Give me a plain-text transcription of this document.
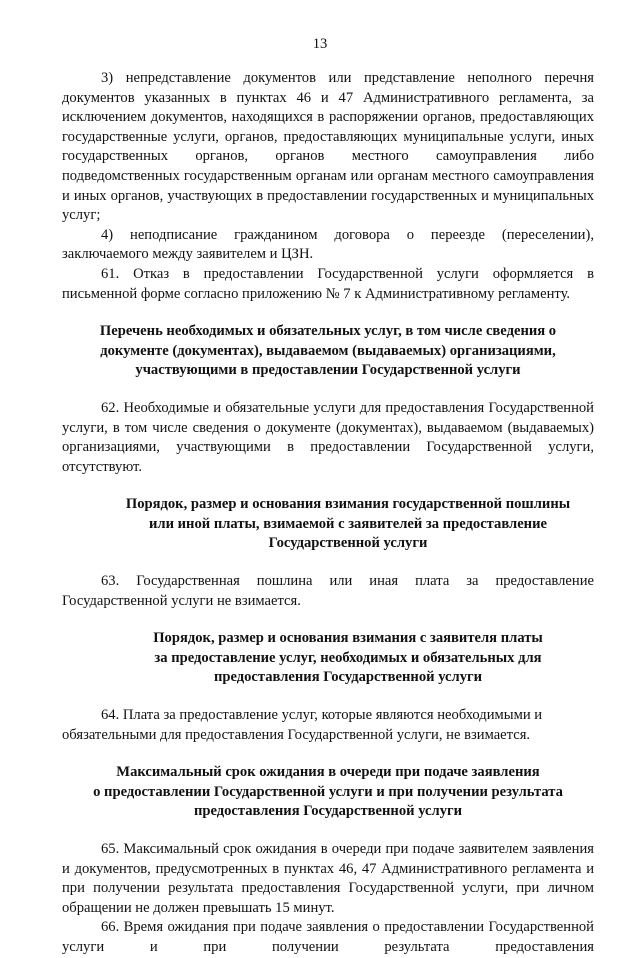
13

3) непредставление документов или представление неполного перечня документов указанных в пунктах 46 и 47 Административного регламента, за исключением документов, находящихся в распоряжении органов, предоставляющих государственные услуги, органов, предоставляющих муниципальные услуги, иных государственных органов, органов местного самоуправления либо подведомственных государственным органам или органам местного самоуправления и иных органов, участвующих в предоставлении государственных и муниципальных услуг;

4) неподписание гражданином договора о переезде (переселении), заключаемого между заявителем и ЦЗН.

61. Отказ в предоставлении Государственной услуги оформляется в письменной форме согласно приложению № 7 к Административному регламенту.

Перечень необходимых и обязательных услуг, в том числе сведения о
документе (документах), выдаваемом (выдаваемых) организациями,
участвующими в предоставлении Государственной услуги

62. Необходимые и обязательные услуги для предоставления Государственной услуги, в том числе сведения о документе (документах), выдаваемом (выдаваемых) организациями, участвующими в предоставлении Государственной услуги, отсутствуют.

Порядок, размер и основания взимания государственной пошлины
или иной платы, взимаемой с заявителей за предоставление
Государственной услуги

63. Государственная пошлина или иная плата за предоставление Государственной услуги не взимается.

Порядок, размер и основания взимания с заявителя платы
за предоставление услуг, необходимых и обязательных для
предоставления Государственной услуги

64. Плата за предоставление услуг, которые являются необходимыми и обязательными для предоставления Государственной услуги, не взимается.

Максимальный срок ожидания в очереди при подаче заявления
о предоставлении Государственной услуги и при получении результата
предоставления Государственной услуги

65. Максимальный срок ожидания в очереди при подаче заявителем заявления и документов, предусмотренных в пунктах 46, 47 Административного регламента и при получении результата предоставления Государственной услуги, при личном обращении не должен превышать 15 минут.

66. Время ожидания при подаче заявления о предоставлении Государственной услуги и при получении результата предоставления
